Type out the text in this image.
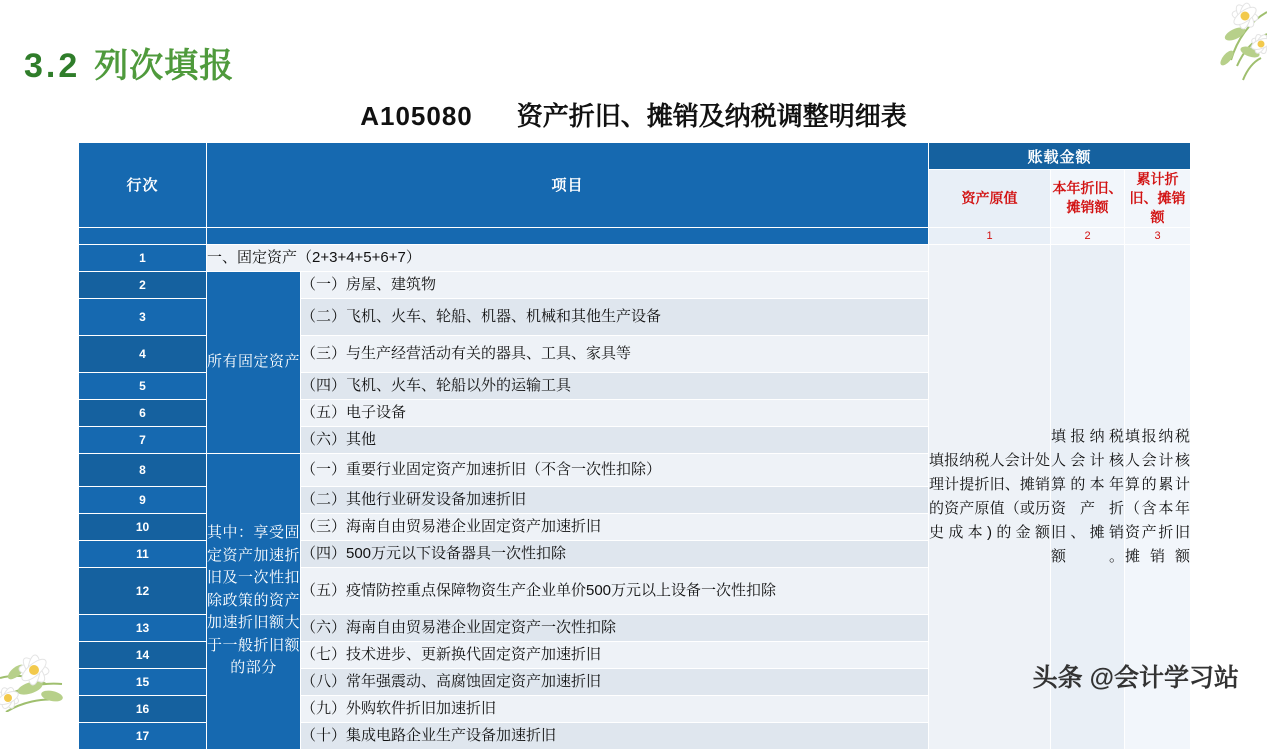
3.2 列次填报
A105080 资产折旧、摊销及纳税调整明细表
行次	项目		账载金额		
			资产原值	本年折旧、摊销额	累计折旧、摊销额
			1	2	3
1	一、固定资产（2+3+4+5+6+7）		填报纳税人会计处理计提折旧、摊销的资产原值（或历史成本)的金额	填报纳税人会计核算的本年资产折旧、摊销额。	填报纳税人会计核算的累计（含本年资产折旧摊销额
2	所有固定资产	（一）房屋、建筑物			
3		（二）飞机、火车、轮船、机器、机械和其他生产设备			
4		（三）与生产经营活动有关的器具、工具、家具等			
5		（四）飞机、火车、轮船以外的运输工具			
6		（五）电子设备			
7		（六）其他			
8	其中：享受固定资产加速折旧及一次性扣除政策的资产加速折旧额大于一般折旧额的部分	（一）重要行业固定资产加速折旧（不含一次性扣除）			
9		（二）其他行业研发设备加速折旧			
10		（三）海南自由贸易港企业固定资产加速折旧			
11		（四）500万元以下设备器具一次性扣除			
12		（五）疫情防控重点保障物资生产企业单价500万元以上设备一次性扣除			
13		（六）海南自由贸易港企业固定资产一次性扣除			
14		（七）技术进步、更新换代固定资产加速折旧			
15		（八）常年强震动、高腐蚀固定资产加速折旧			
16		（九）外购软件折旧加速折旧			
17		（十）集成电路企业生产设备加速折旧			
头条 @会计学习站
